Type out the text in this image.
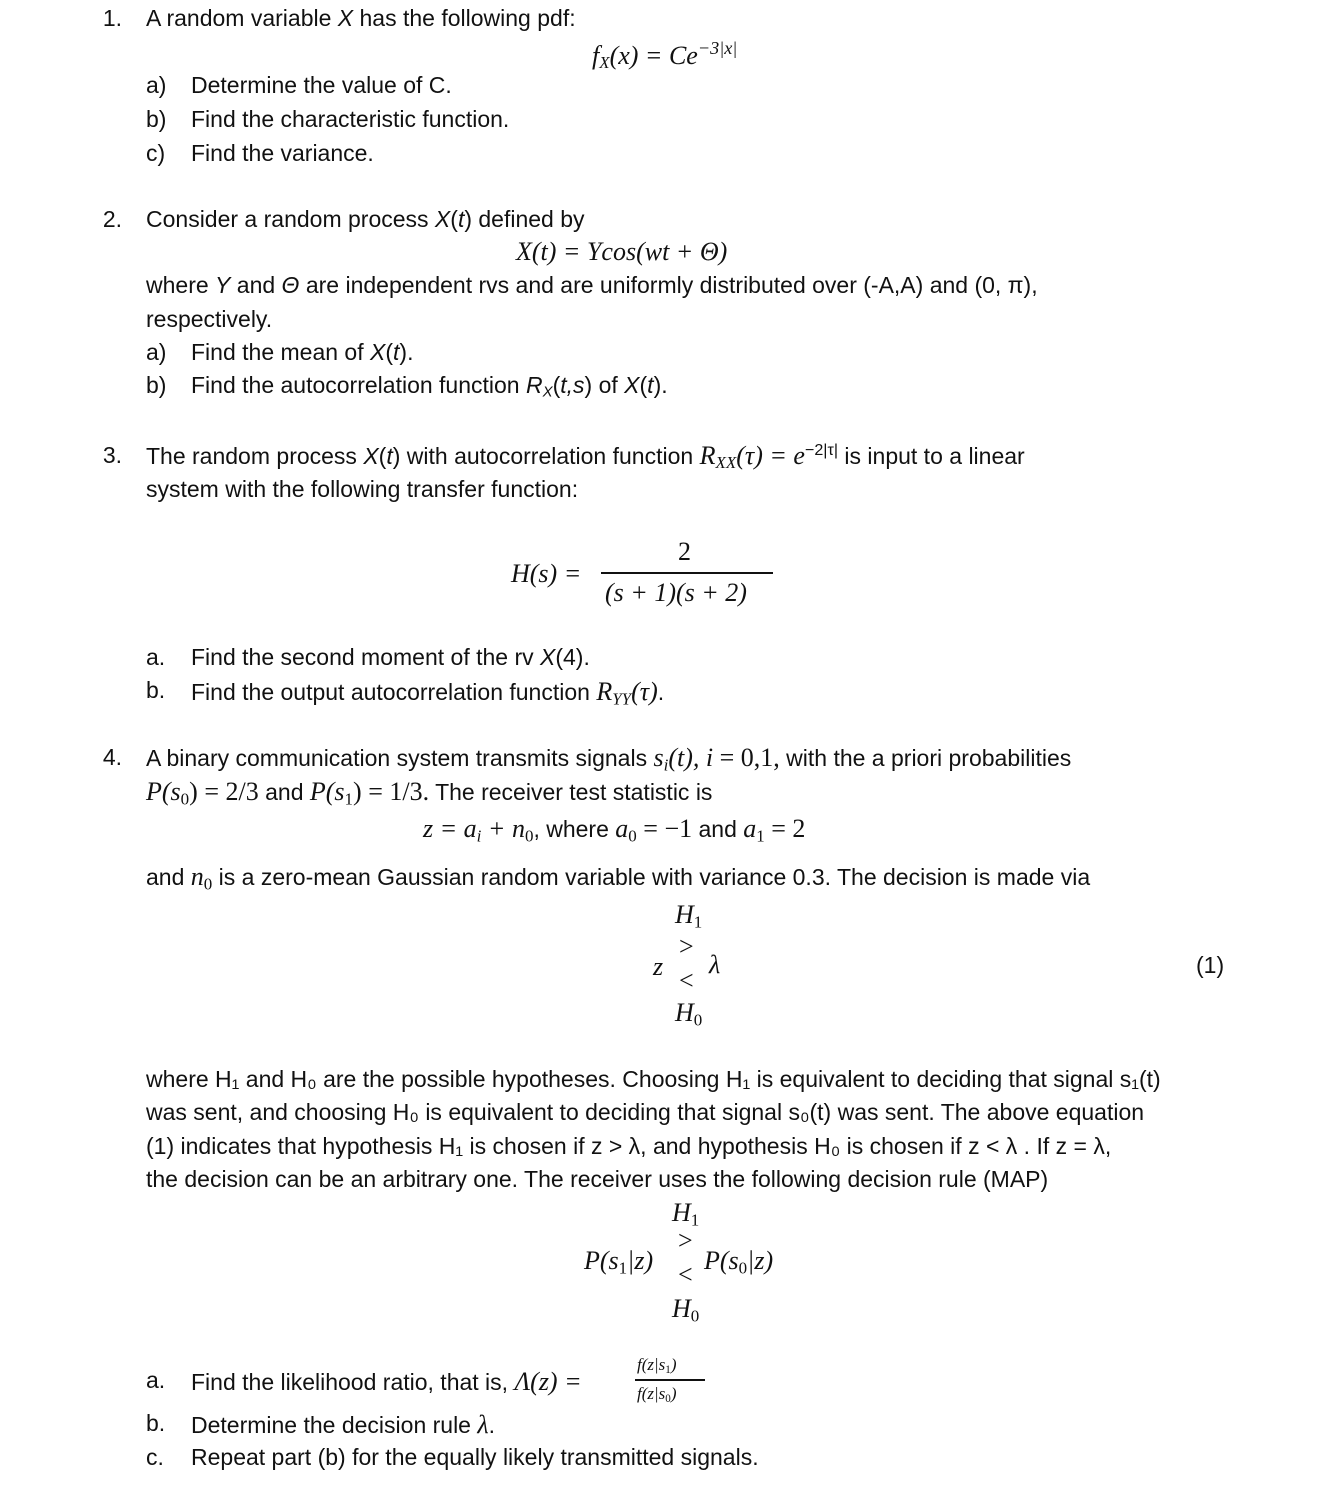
1. A random variable X has the following pdf:
$f_X(x) = Ce^{-3|x|}$
a) Determine the value of C.
b) Find the characteristic function.
c) Find the variance.
2. Consider a random process X(t) defined by
X(t) = Ycos(wt + Θ)
where Y and Θ are independent rvs and are uniformly distributed over (-A,A) and (0, π),
respectively.
a) Find the mean of X(t).
b) Find the autocorrelation function $R_X(t,s)$ of X(t).
3. The random process X(t) with autocorrelation function $R_{XX}(\tau) = e^{-2|\tau|}$ is input to a linear
system with the following transfer function:
H(s) =
2
(s + 1)(s + 2)
a. Find the second moment of the rv X(4).
b. Find the output autocorrelation function $R_{YY}(\tau)$.
4. A binary communication system transmits signals $s_i(t)$, i = 0,1, with the a priori probabilities
$P(s_0) = 2/3$ and $P(s_1) = 1/3$. The receiver test statistic is
$z = a_i + n_0$, where $a_0 = -1$ and $a_1 = 2$
and $n_0$ is a zero-mean Gaussian random variable with variance 0.3. The decision is made via
$H_1$
>
z λ
<
$H_0$
(1)
where H₁ and H₀ are the possible hypotheses. Choosing H₁ is equivalent to deciding that signal s₁(t)
was sent, and choosing H₀ is equivalent to deciding that signal s₀(t) was sent. The above equation
(1) indicates that hypothesis H₁ is chosen if z > λ, and hypothesis H₀ is chosen if z < λ . If z = λ,
the decision can be an arbitrary one. The receiver uses the following decision rule (MAP)
$H_1$
>
$P(s_1|z) < P(s_0|z)$
$H_0$
a. Find the likelihood ratio, that is, Λ(z) =
$f(z|s_1)$
$f(z|s_0)$
b. Determine the decision rule λ.
c. Repeat part (b) for the equally likely transmitted signals.
